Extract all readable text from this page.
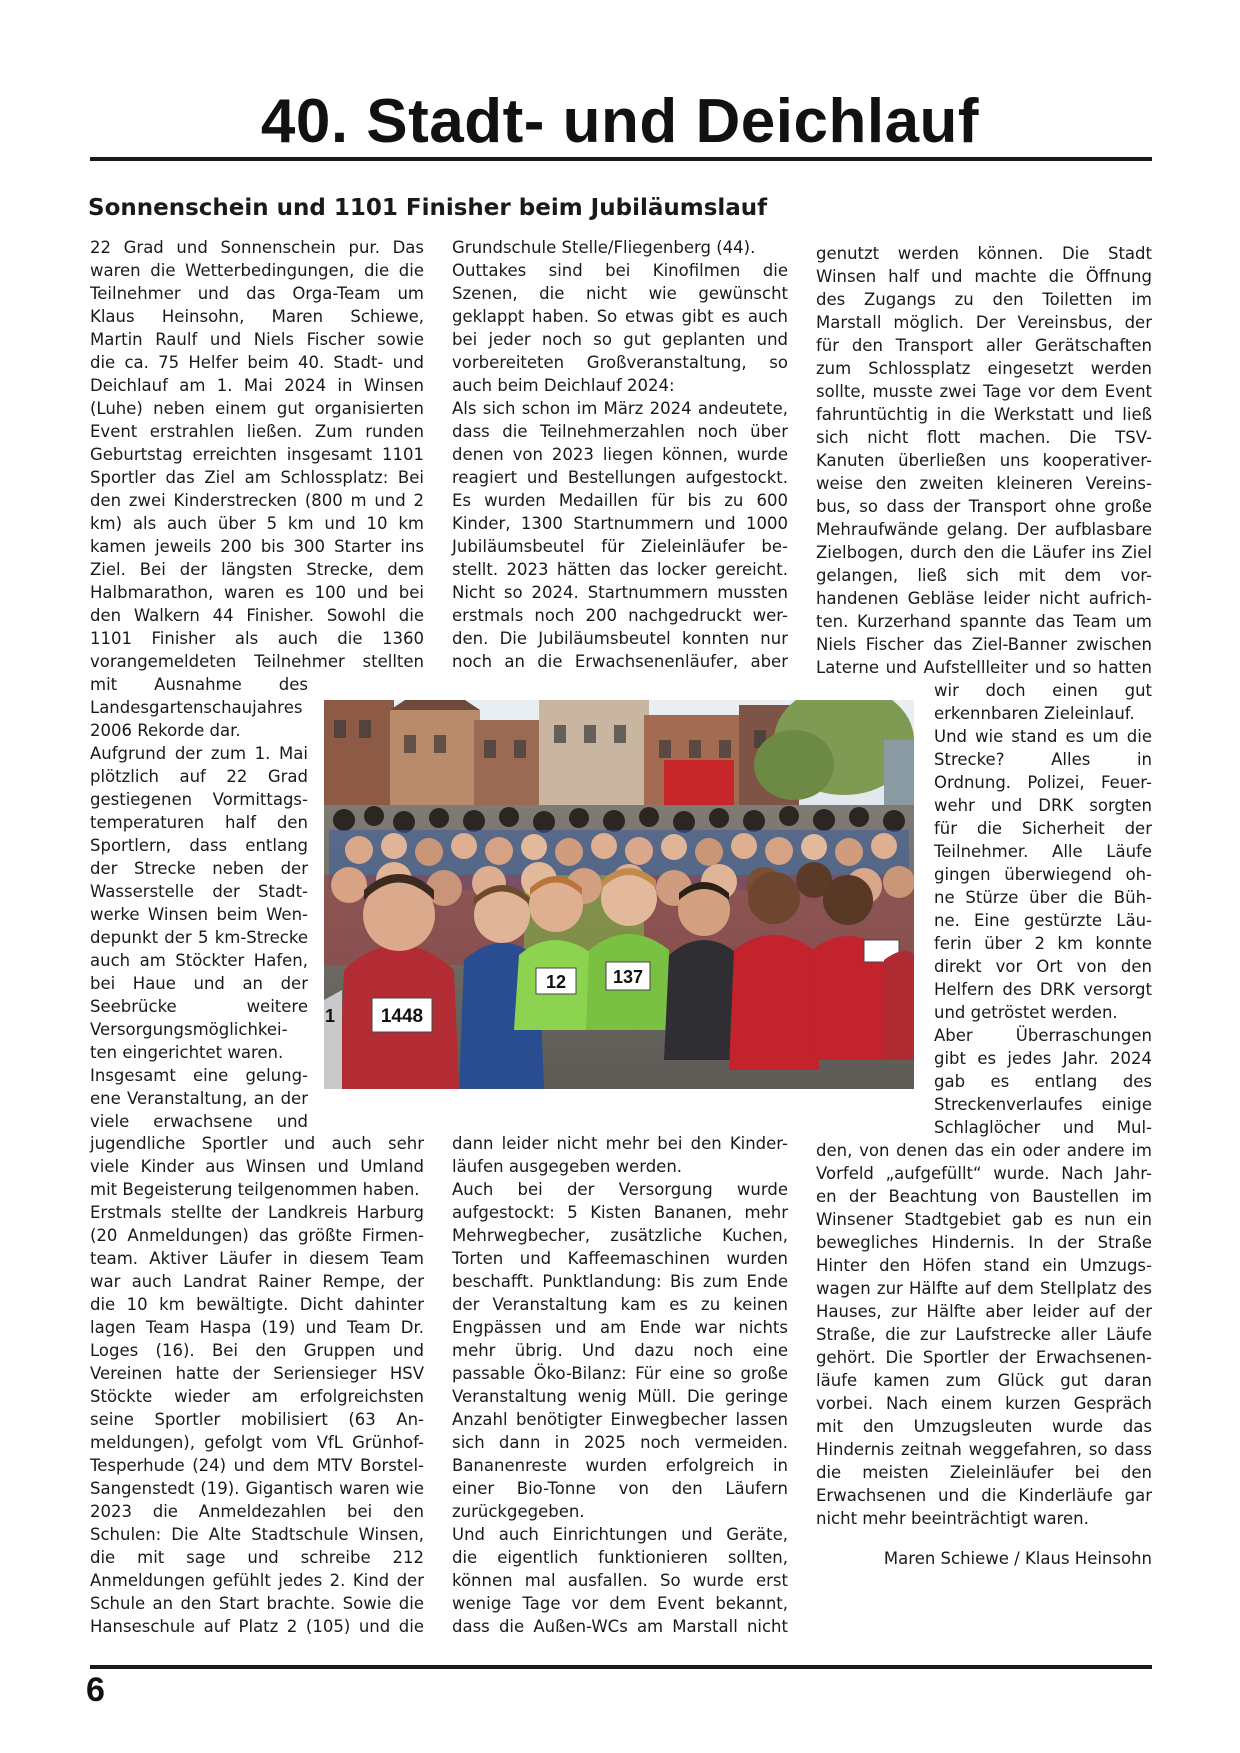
40. Stadt- und Deichlauf
Sonnenschein und 1101 Finisher beim Jubiläumslauf
22 Grad und Sonnenschein pur. Das
waren die Wetterbedingungen, die die
Teilnehmer und das Orga-Team um
Klaus Heinsohn, Maren Schiewe,
Martin Raulf und Niels Fischer sowie
die ca. 75 Helfer beim 40. Stadt- und
Deichlauf am 1. Mai 2024 in Winsen
(Luhe) neben einem gut organisierten
Event erstrahlen ließen. Zum runden
Geburtstag erreichten insgesamt 1101
Sportler das Ziel am Schlossplatz: Bei
den zwei Kinderstrecken (800 m und 2
km) als auch über 5 km und 10 km
kamen jeweils 200 bis 300 Starter ins
Ziel. Bei der längsten Strecke, dem
Halbmarathon, waren es 100 und bei
den Walkern 44 Finisher. Sowohl die
1101 Finisher als auch die 1360
vorangemeldeten Teilnehmer stellten
mit Ausnahme des
Landesgartenschaujahres
2006 Rekorde dar.
Aufgrund der zum 1. Mai
plötzlich auf 22 Grad
gestiegenen Vormittags-
temperaturen half den
Sportlern, dass entlang
der Strecke neben der
Wasserstelle der Stadt-
werke Winsen beim Wen-
depunkt der 5 km-Strecke
auch am Stöckter Hafen,
bei Haue und an der
Seebrücke weitere
Versorgungsmöglichkei-
ten eingerichtet waren.
Insgesamt eine gelung-
ene Veranstaltung, an der
viele erwachsene und
jugendliche Sportler und auch sehr
viele Kinder aus Winsen und Umland
mit Begeisterung teilgenommen haben.
Erstmals stellte der Landkreis Harburg
(20 Anmeldungen) das größte Firmen-
team. Aktiver Läufer in diesem Team
war auch Landrat Rainer Rempe, der
die 10 km bewältigte. Dicht dahinter
lagen Team Haspa (19) und Team Dr.
Loges (16). Bei den Gruppen und
Vereinen hatte der Seriensieger HSV
Stöckte wieder am erfolgreichsten
seine Sportler mobilisiert (63 An-
meldungen), gefolgt vom VfL Grünhof-
Tesperhude (24) und dem MTV Borstel-
Sangenstedt (19). Gigantisch waren wie
2023 die Anmeldezahlen bei den
Schulen: Die Alte Stadtschule Winsen,
die mit sage und schreibe 212
Anmeldungen gefühlt jedes 2. Kind der
Schule an den Start brachte. Sowie die
Hanseschule auf Platz 2 (105) und die
Grundschule Stelle/Fliegenberg (44).
Outtakes sind bei Kinofilmen die
Szenen, die nicht wie gewünscht
geklappt haben. So etwas gibt es auch
bei jeder noch so gut geplanten und
vorbereiteten Großveranstaltung, so
auch beim Deichlauf 2024:
Als sich schon im März 2024 andeutete,
dass die Teilnehmerzahlen noch über
denen von 2023 liegen können, wurde
reagiert und Bestellungen aufgestockt.
Es wurden Medaillen für bis zu 600
Kinder, 1300 Startnummern und 1000
Jubiläumsbeutel für Zieleinläufer be-
stellt. 2023 hätten das locker gereicht.
Nicht so 2024. Startnummern mussten
erstmals noch 200 nachgedruckt wer-
den. Die Jubiläumsbeutel konnten nur
noch an die Erwachsenenläufer, aber
dann leider nicht mehr bei den Kinder-
läufen ausgegeben werden.
Auch bei der Versorgung wurde
aufgestockt: 5 Kisten Bananen, mehr
Mehrwegbecher, zusätzliche Kuchen,
Torten und Kaffeemaschinen wurden
beschafft. Punktlandung: Bis zum Ende
der Veranstaltung kam es zu keinen
Engpässen und am Ende war nichts
mehr übrig. Und dazu noch eine
passable Öko-Bilanz: Für eine so große
Veranstaltung wenig Müll. Die geringe
Anzahl benötigter Einwegbecher lassen
sich dann in 2025 noch vermeiden.
Bananenreste wurden erfolgreich in
einer Bio-Tonne von den Läufern
zurückgegeben.
Und auch Einrichtungen und Geräte,
die eigentlich funktionieren sollten,
können mal ausfallen. So wurde erst
wenige Tage vor dem Event bekannt,
dass die Außen-WCs am Marstall nicht
genutzt werden können. Die Stadt
Winsen half und machte die Öffnung
des Zugangs zu den Toiletten im
Marstall möglich. Der Vereinsbus, der
für den Transport aller Gerätschaften
zum Schlossplatz eingesetzt werden
sollte, musste zwei Tage vor dem Event
fahruntüchtig in die Werkstatt und ließ
sich nicht flott machen. Die TSV-
Kanuten überließen uns kooperativer-
weise den zweiten kleineren Vereins-
bus, so dass der Transport ohne große
Mehraufwände gelang. Der aufblasbare
Zielbogen, durch den die Läufer ins Ziel
gelangen, ließ sich mit dem vor-
handenen Gebläse leider nicht aufrich-
ten. Kurzerhand spannte das Team um
Niels Fischer das Ziel-Banner zwischen
Laterne und Aufstellleiter und so hatten
wir doch einen gut
erkennbaren Zieleinlauf.
Und wie stand es um die
Strecke? Alles in
Ordnung. Polizei, Feuer-
wehr und DRK sorgten
für die Sicherheit der
Teilnehmer. Alle Läufe
gingen überwiegend oh-
ne Stürze über die Büh-
ne. Eine gestürzte Läu-
ferin über 2 km konnte
direkt vor Ort von den
Helfern des DRK versorgt
und getröstet werden.
Aber Überraschungen
gibt es jedes Jahr. 2024
gab es entlang des
Streckenverlaufes einige
Schlaglöcher und Mul-
den, von denen das ein oder andere im
Vorfeld „aufgefüllt“ wurde. Nach Jahr-
en der Beachtung von Baustellen im
Winsener Stadtgebiet gab es nun ein
bewegliches Hindernis. In der Straße
Hinter den Höfen stand ein Umzugs-
wagen zur Hälfte auf dem Stellplatz des
Hauses, zur Hälfte aber leider auf der
Straße, die zur Laufstrecke aller Läufe
gehört. Die Sportler der Erwachsenen-
läufe kamen zum Glück gut daran
vorbei. Nach einem kurzen Gespräch
mit den Umzugsleuten wurde das
Hindernis zeitnah weggefahren, so dass
die meisten Zieleinläufer bei den
Erwachsenen und die Kinderläufe gar
nicht mehr beeinträchtigt waren.
Maren Schiewe / Klaus Heinsohn
1448
12	137
1
6
